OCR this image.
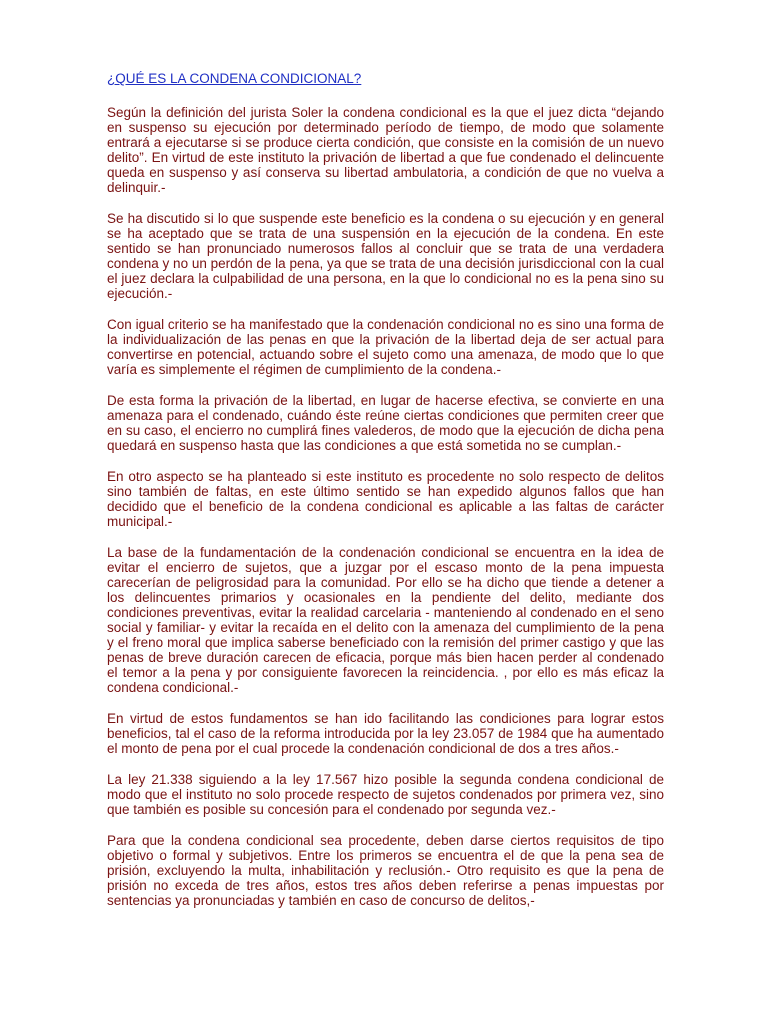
¿QUÉ ES LA CONDENA CONDICIONAL?

Según la definición del jurista Soler la condena condicional es la que el juez dicta “dejando en suspenso su ejecución por determinado período de tiempo, de modo que solamente entrará a ejecutarse si se produce cierta condición, que consiste en la comisión de un nuevo delito”. En virtud de este instituto la privación de libertad a que fue condenado el delincuente queda en suspenso y así conserva su libertad ambulatoria, a condición de que no vuelva a delinquir.-

Se ha discutido si lo que suspende este beneficio es la condena o su ejecución y en general se ha aceptado que se trata de una suspensión en la ejecución de la condena. En este sentido se han pronunciado numerosos fallos al concluir que se trata de una verdadera condena y no un perdón de la pena, ya que se trata de una decisión jurisdiccional con la cual el juez declara la culpabilidad de una persona, en la que lo condicional no es la pena sino su ejecución.-

Con igual criterio se ha manifestado que la condenación condicional no es sino una forma de la individualización de las penas en que la privación de la libertad deja de ser actual para convertirse en potencial, actuando sobre el sujeto como una amenaza, de modo que lo que varía es simplemente el régimen de cumplimiento de la condena.-

De esta forma la privación de la libertad, en lugar de hacerse efectiva, se convierte en una amenaza para el condenado, cuándo éste reúne ciertas condiciones que permiten creer que en su caso, el encierro no cumplirá fines valederos, de modo que la ejecución de dicha pena quedará en suspenso hasta que las condiciones a que está sometida no se cumplan.-

En otro aspecto se ha planteado si este instituto es procedente no solo respecto de delitos sino también de faltas, en este último sentido se han expedido algunos fallos que han decidido que el beneficio de la condena condicional es aplicable a las faltas de carácter municipal.-

La base de la fundamentación de la condenación condicional se encuentra en la idea de evitar el encierro de sujetos, que a juzgar por el escaso monto de la pena impuesta carecerían de peligrosidad para la comunidad. Por ello se ha dicho que tiende a detener a los delincuentes primarios y ocasionales en la pendiente del delito, mediante dos condiciones preventivas, evitar la realidad carcelaria - manteniendo al condenado en el seno social y familiar- y evitar la recaída en el delito con la amenaza del cumplimiento de la pena y el freno moral que implica saberse beneficiado con la remisión del primer castigo y que las penas de breve duración carecen de eficacia, porque más bien hacen perder al condenado el temor a la pena y por consiguiente favorecen la reincidencia. , por ello es más eficaz la condena condicional.-

En virtud de estos fundamentos se han ido facilitando las condiciones para lograr estos beneficios, tal el caso de la reforma introducida por la ley 23.057 de 1984 que ha aumentado el monto de pena por el cual procede la condenación condicional de dos a tres años.-

La ley 21.338 siguiendo a la ley 17.567 hizo posible la segunda condena condicional de modo que el instituto no solo procede respecto de sujetos condenados por primera vez, sino que también es posible su concesión para el condenado por segunda vez.-

Para que la condena condicional sea procedente, deben darse ciertos requisitos de tipo objetivo o formal y subjetivos. Entre los primeros se encuentra el de que la pena sea de prisión, excluyendo la multa, inhabilitación y reclusión.- Otro requisito es que la pena de prisión no exceda de tres años, estos tres años deben referirse a penas impuestas por sentencias ya pronunciadas y también en caso de concurso de delitos,-
